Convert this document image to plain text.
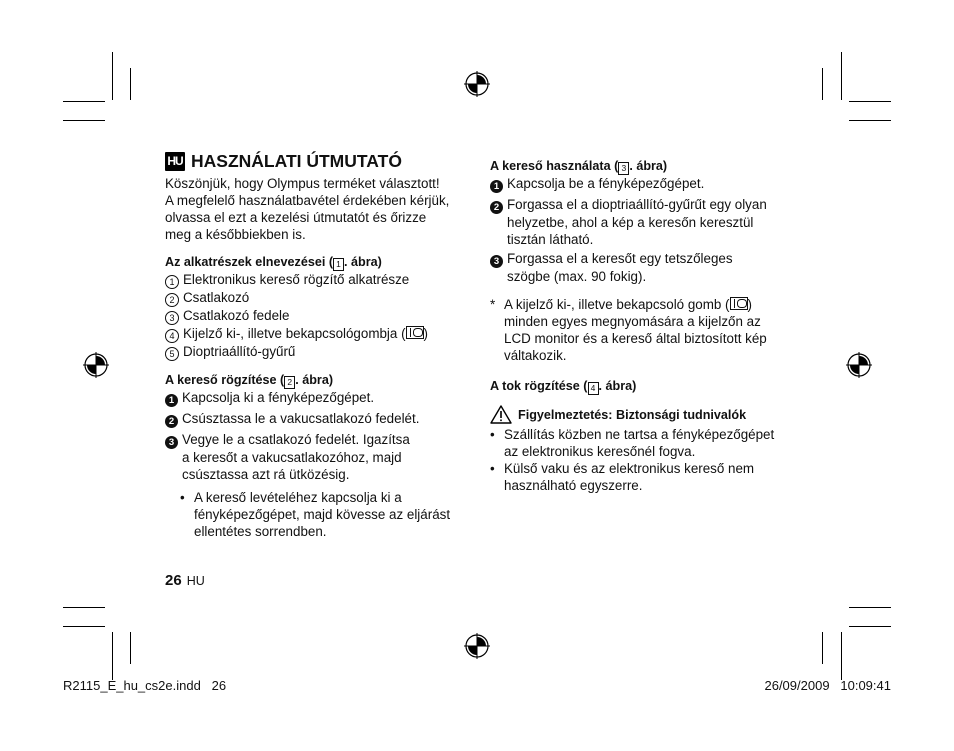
HU HASZNÁLATI ÚTMUTATÓ
Köszönjük, hogy Olympus terméket választott!
A megfelelő használatbavétel érdekében kérjük,
olvassa el ezt a kezelési útmutatót és őrizze
meg a későbbiekben is.
Az alkatrészek elnevezései ( 1 . ábra)
1 Elektronikus kereső rögzítő alkatrésze
2 Csatlakozó
3 Csatlakozó fedele
4 Kijelző ki-, illetve bekapcsológombja ( )
5 Dioptriaállító-gyűrű
A kereső rögzítése ( 2 . ábra)
1 Kapcsolja ki a fényképezőgépet.
2 Csúsztassa le a vakucsatlakozó fedelét.
3 Vegye le a csatlakozó fedelét. Igazítsa
a keresőt a vakucsatlakozóhoz, majd
csúsztassa azt rá ütközésig.
• A kereső levételéhez kapcsolja ki a
fényképezőgépet, majd kövesse az eljárást
ellentétes sorrendben.
A kereső használata ( 3 . ábra)
1 Kapcsolja be a fényképezőgépet.
2 Forgassa el a dioptriaállító-gyűrűt egy olyan
helyzetbe, ahol a kép a keresőn keresztül
tisztán látható.
3 Forgassa el a keresőt egy tetszőleges
szögbe (max. 90 fokig).
* A kijelző ki-, illetve bekapcsoló gomb ( )
minden egyes megnyomására a kijelzőn az
LCD monitor és a kereső által biztosított kép
váltakozik.
A tok rögzítése ( 4 . ábra)
Figyelmeztetés: Biztonsági tudnivalók
• Szállítás közben ne tartsa a fényképezőgépet
az elektronikus keresőnél fogva.
• Külső vaku és az elektronikus kereső nem
használható egyszerre.
26 HU
R2115_E_hu_cs2e.indd   26	26/09/2009   10:09:41
